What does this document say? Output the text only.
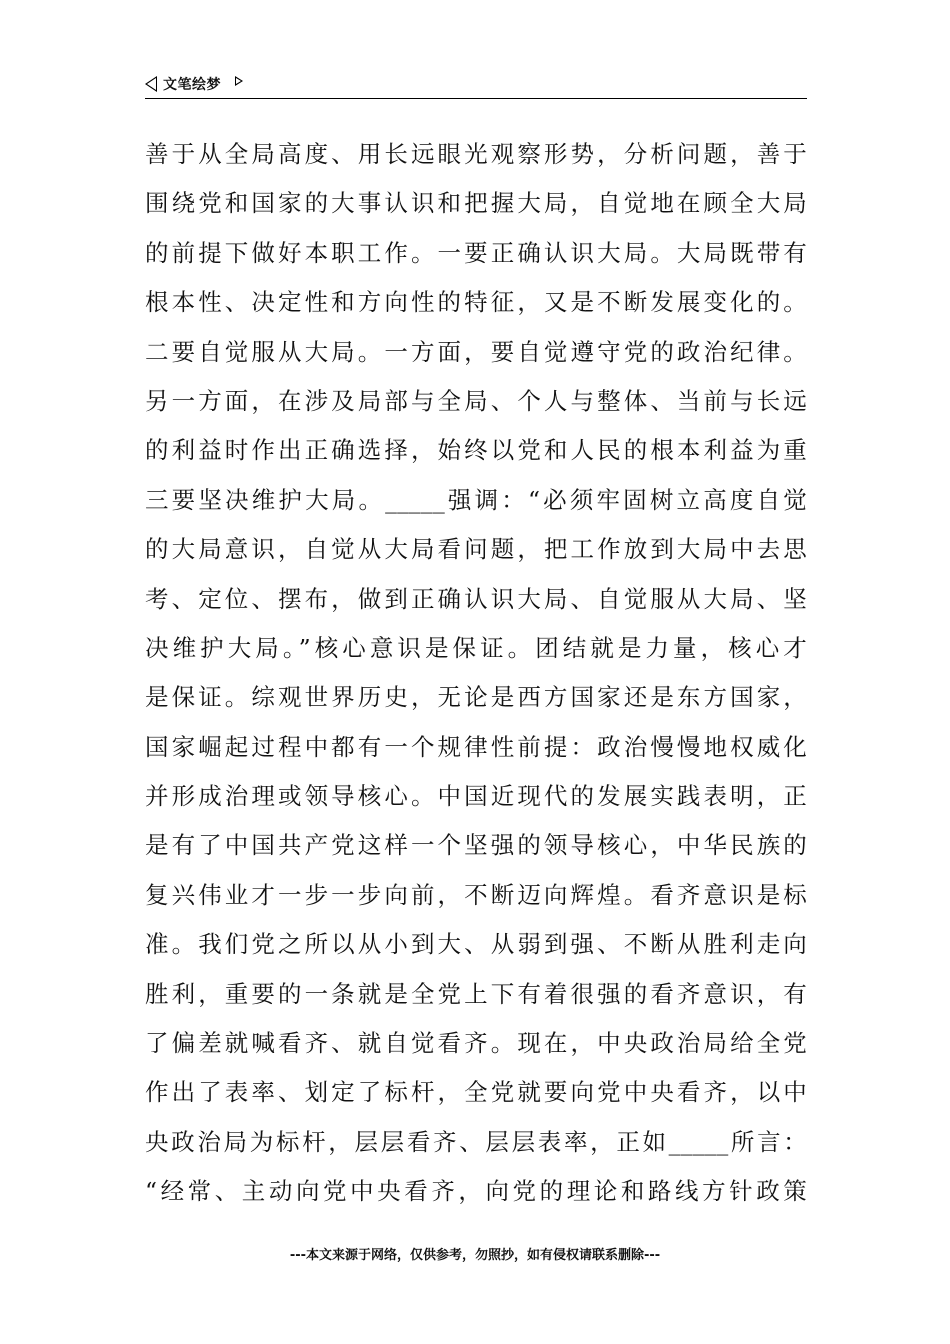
文笔绘梦
善于从全局高度、用长远眼光观察形势，分析问题，善于
围绕党和国家的大事认识和把握大局，自觉地在顾全大局
的前提下做好本职工作。一要正确认识大局。大局既带有
根本性、决定性和方向性的特征，又是不断发展变化的。
二要自觉服从大局。一方面，要自觉遵守党的政治纪律。
另一方面，在涉及局部与全局、个人与整体、当前与长远
的利益时作出正确选择，始终以党和人民的根本利益为重
三要坚决维护大局。_____强调：“必须牢固树立高度自觉
的大局意识，自觉从大局看问题，把工作放到大局中去思
考、定位、摆布，做到正确认识大局、自觉服从大局、坚
决维护大局。”核心意识是保证。团结就是力量，核心才
是保证。综观世界历史，无论是西方国家还是东方国家，
国家崛起过程中都有一个规律性前提：政治慢慢地权威化
并形成治理或领导核心。中国近现代的发展实践表明，正
是有了中国共产党这样一个坚强的领导核心，中华民族的
复兴伟业才一步一步向前，不断迈向辉煌。看齐意识是标
准。我们党之所以从小到大、从弱到强、不断从胜利走向
胜利，重要的一条就是全党上下有着很强的看齐意识，有
了偏差就喊看齐、就自觉看齐。现在，中央政治局给全党
作出了表率、划定了标杆，全党就要向党中央看齐，以中
央政治局为标杆，层层看齐、层层表率，正如_____所言：
“经常、主动向党中央看齐，向党的理论和路线方针政策
---本文来源于网络，仅供参考，勿照抄，如有侵权请联系删除---
